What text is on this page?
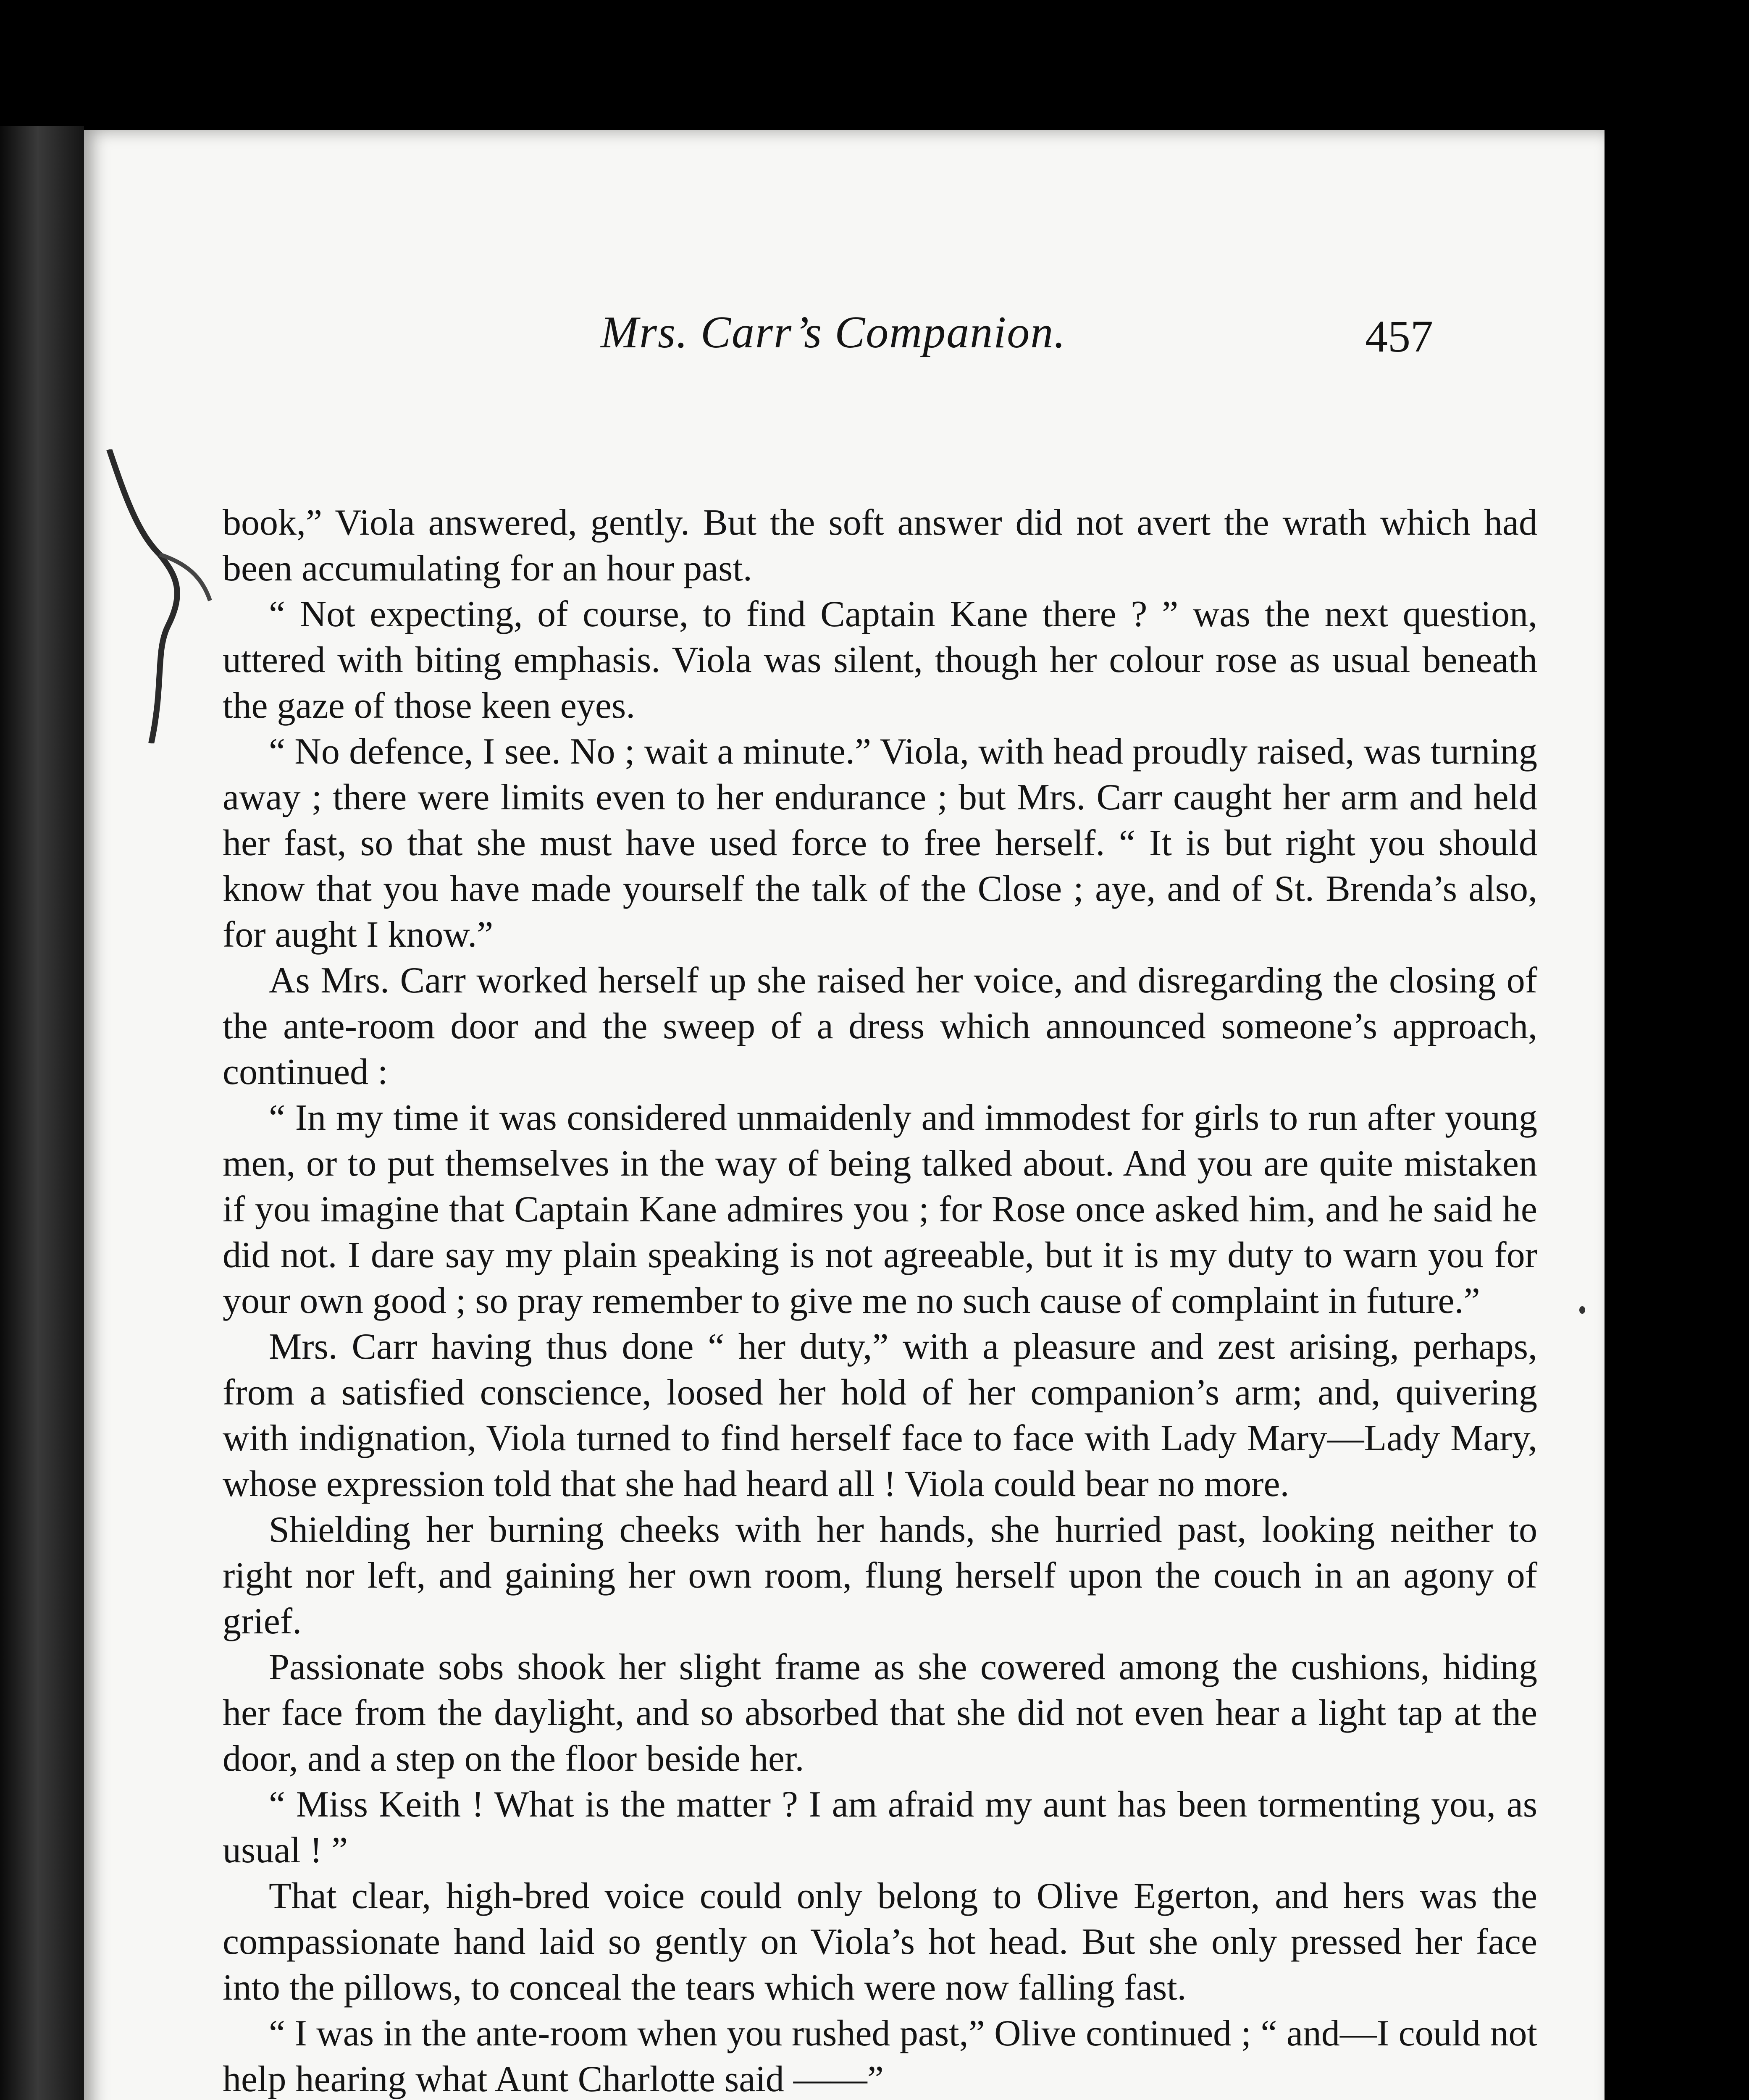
Mrs. Carr’s Companion.	457

book,” Viola answered, gently. But the soft answer did not avert the wrath which had been accumulating for an hour past.

“ Not expecting, of course, to find Captain Kane there ? ” was the next question, uttered with biting emphasis. Viola was silent, though her colour rose as usual beneath the gaze of those keen eyes.

“ No defence, I see. No ; wait a minute.” Viola, with head proudly raised, was turning away ; there were limits even to her endurance ; but Mrs. Carr caught her arm and held her fast, so that she must have used force to free herself. “ It is but right you should know that you have made yourself the talk of the Close ; aye, and of St. Brenda’s also, for aught I know.”

As Mrs. Carr worked herself up she raised her voice, and disregarding the closing of the ante-room door and the sweep of a dress which announced someone’s approach, continued :

“ In my time it was considered unmaidenly and immodest for girls to run after young men, or to put themselves in the way of being talked about. And you are quite mistaken if you imagine that Captain Kane admires you ; for Rose once asked him, and he said he did not. I dare say my plain speaking is not agreeable, but it is my duty to warn you for your own good ; so pray remember to give me no such cause of complaint in future.”

Mrs. Carr having thus done “ her duty,” with a pleasure and zest arising, perhaps, from a satisfied conscience, loosed her hold of her companion’s arm; and, quivering with indignation, Viola turned to find herself face to face with Lady Mary—Lady Mary, whose expression told that she had heard all ! Viola could bear no more.

Shielding her burning cheeks with her hands, she hurried past, looking neither to right nor left, and gaining her own room, flung herself upon the couch in an agony of grief.

Passionate sobs shook her slight frame as she cowered among the cushions, hiding her face from the daylight, and so absorbed that she did not even hear a light tap at the door, and a step on the floor beside her.

“ Miss Keith ! What is the matter ? I am afraid my aunt has been tormenting you, as usual ! ”

That clear, high-bred voice could only belong to Olive Egerton, and hers was the compassionate hand laid so gently on Viola’s hot head. But she only pressed her face into the pillows, to conceal the tears which were now falling fast.

“ I was in the ante-room when you rushed past,” Olive continued ; “ and—I could not help hearing what Aunt Charlotte said ——”
